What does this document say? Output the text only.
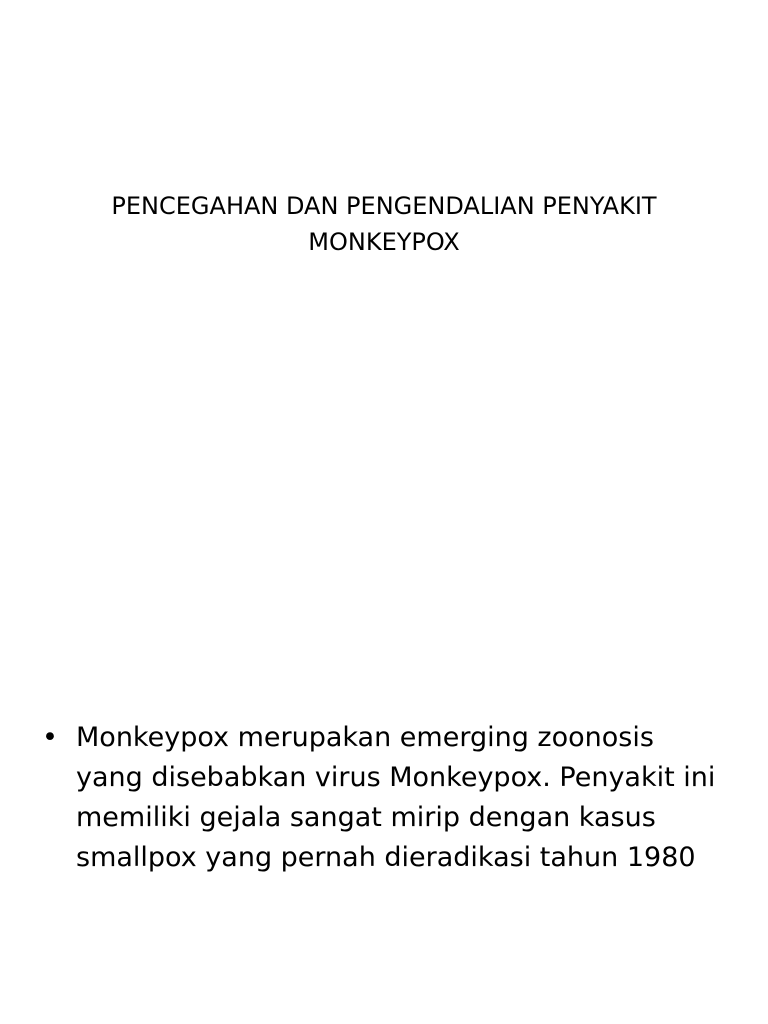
PENCEGAHAN DAN PENGENDALIAN PENYAKIT MONKEYPOX
• Monkeypox merupakan emerging zoonosis yang disebabkan virus Monkeypox. Penyakit ini memiliki gejala sangat mirip dengan kasus smallpox yang pernah dieradikasi tahun 1980
